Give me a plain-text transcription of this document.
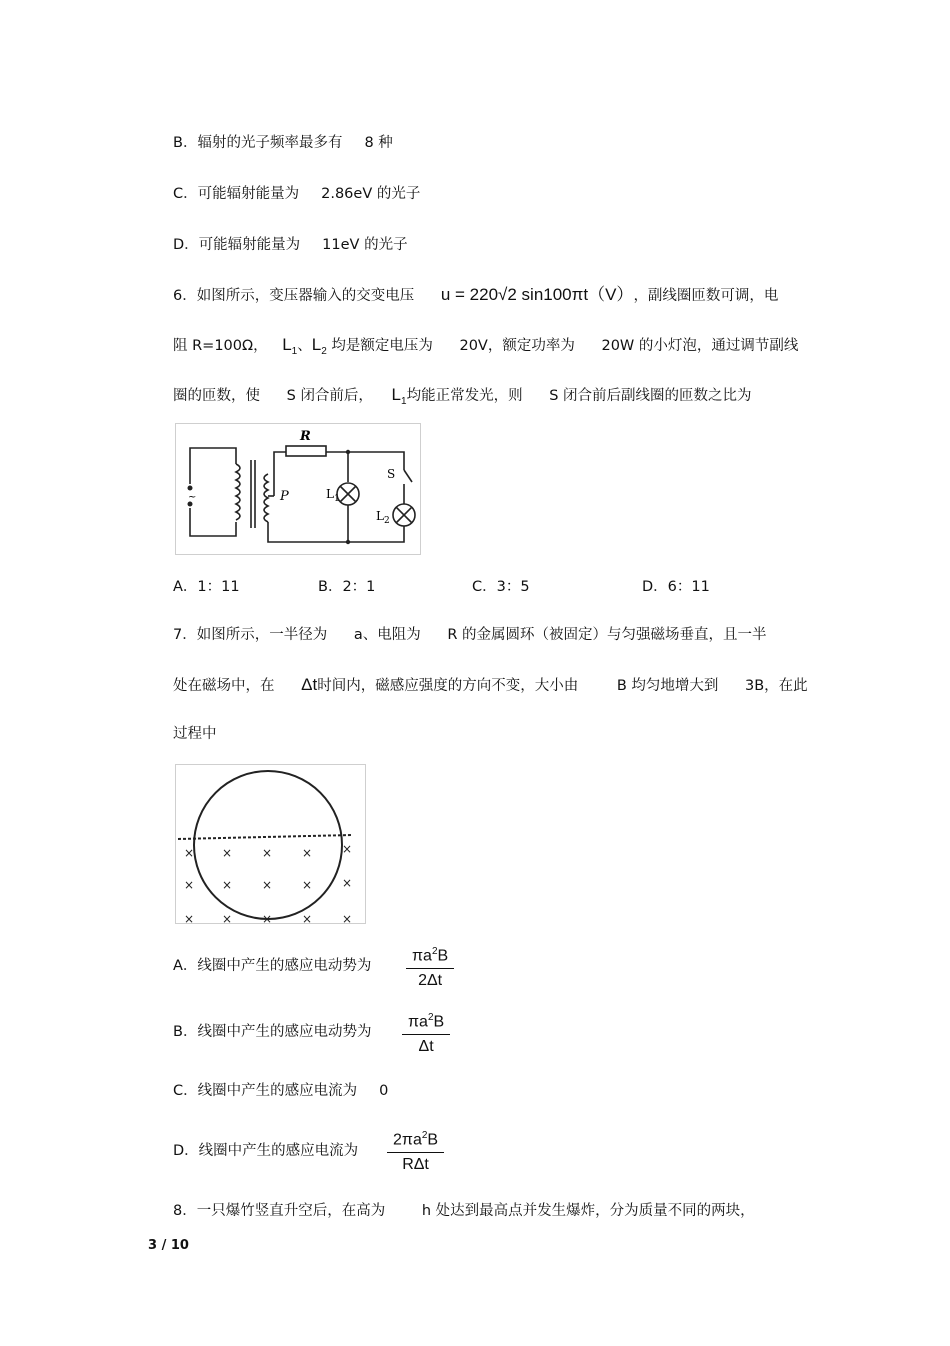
B．辐射的光子频率最多有 8 种
C．可能辐射能量为 2.86eV 的光子
D．可能辐射能量为 11eV 的光子
6．如图所示，变压器输入的交变电压 u = 220√2 sin100πt（V），副线圈匝数可调，电
阻 R=100Ω， L1、L2 均是额定电压为 20V，额定功率为 20W 的小灯泡，通过调节副线
圈的匝数，使 S 闭合前后， L1均能正常发光，则 S 闭合前后副线圈的匝数之比为
~
R
P
S
$L_1$
$L_2$
A．1：11	B．2：1	C．3：5	D．6：11
7．如图所示，一半径为 a、电阻为 R 的金属圆环（被固定）与匀强磁场垂直，且一半
处在磁场中，在 Δt时间内，磁感应强度的方向不变，大小由	B 均匀地增大到 3B，在此
过程中
× × × × ×
× × × × ×
× × × × ×
A．线圈中产生的感应电动势为 $\frac{\pi a^2B}{2\Delta t}$
B．线圈中产生的感应电动势为 $\frac{\pi a^2B}{\Delta t}$
C．线圈中产生的感应电流为 0
D．线圈中产生的感应电流为
$2\pi a^2B$
RΔt
8．一只爆竹竖直升空后，在高为	h 处达到最高点并发生爆炸，分为质量不同的两块，
3 / 10
